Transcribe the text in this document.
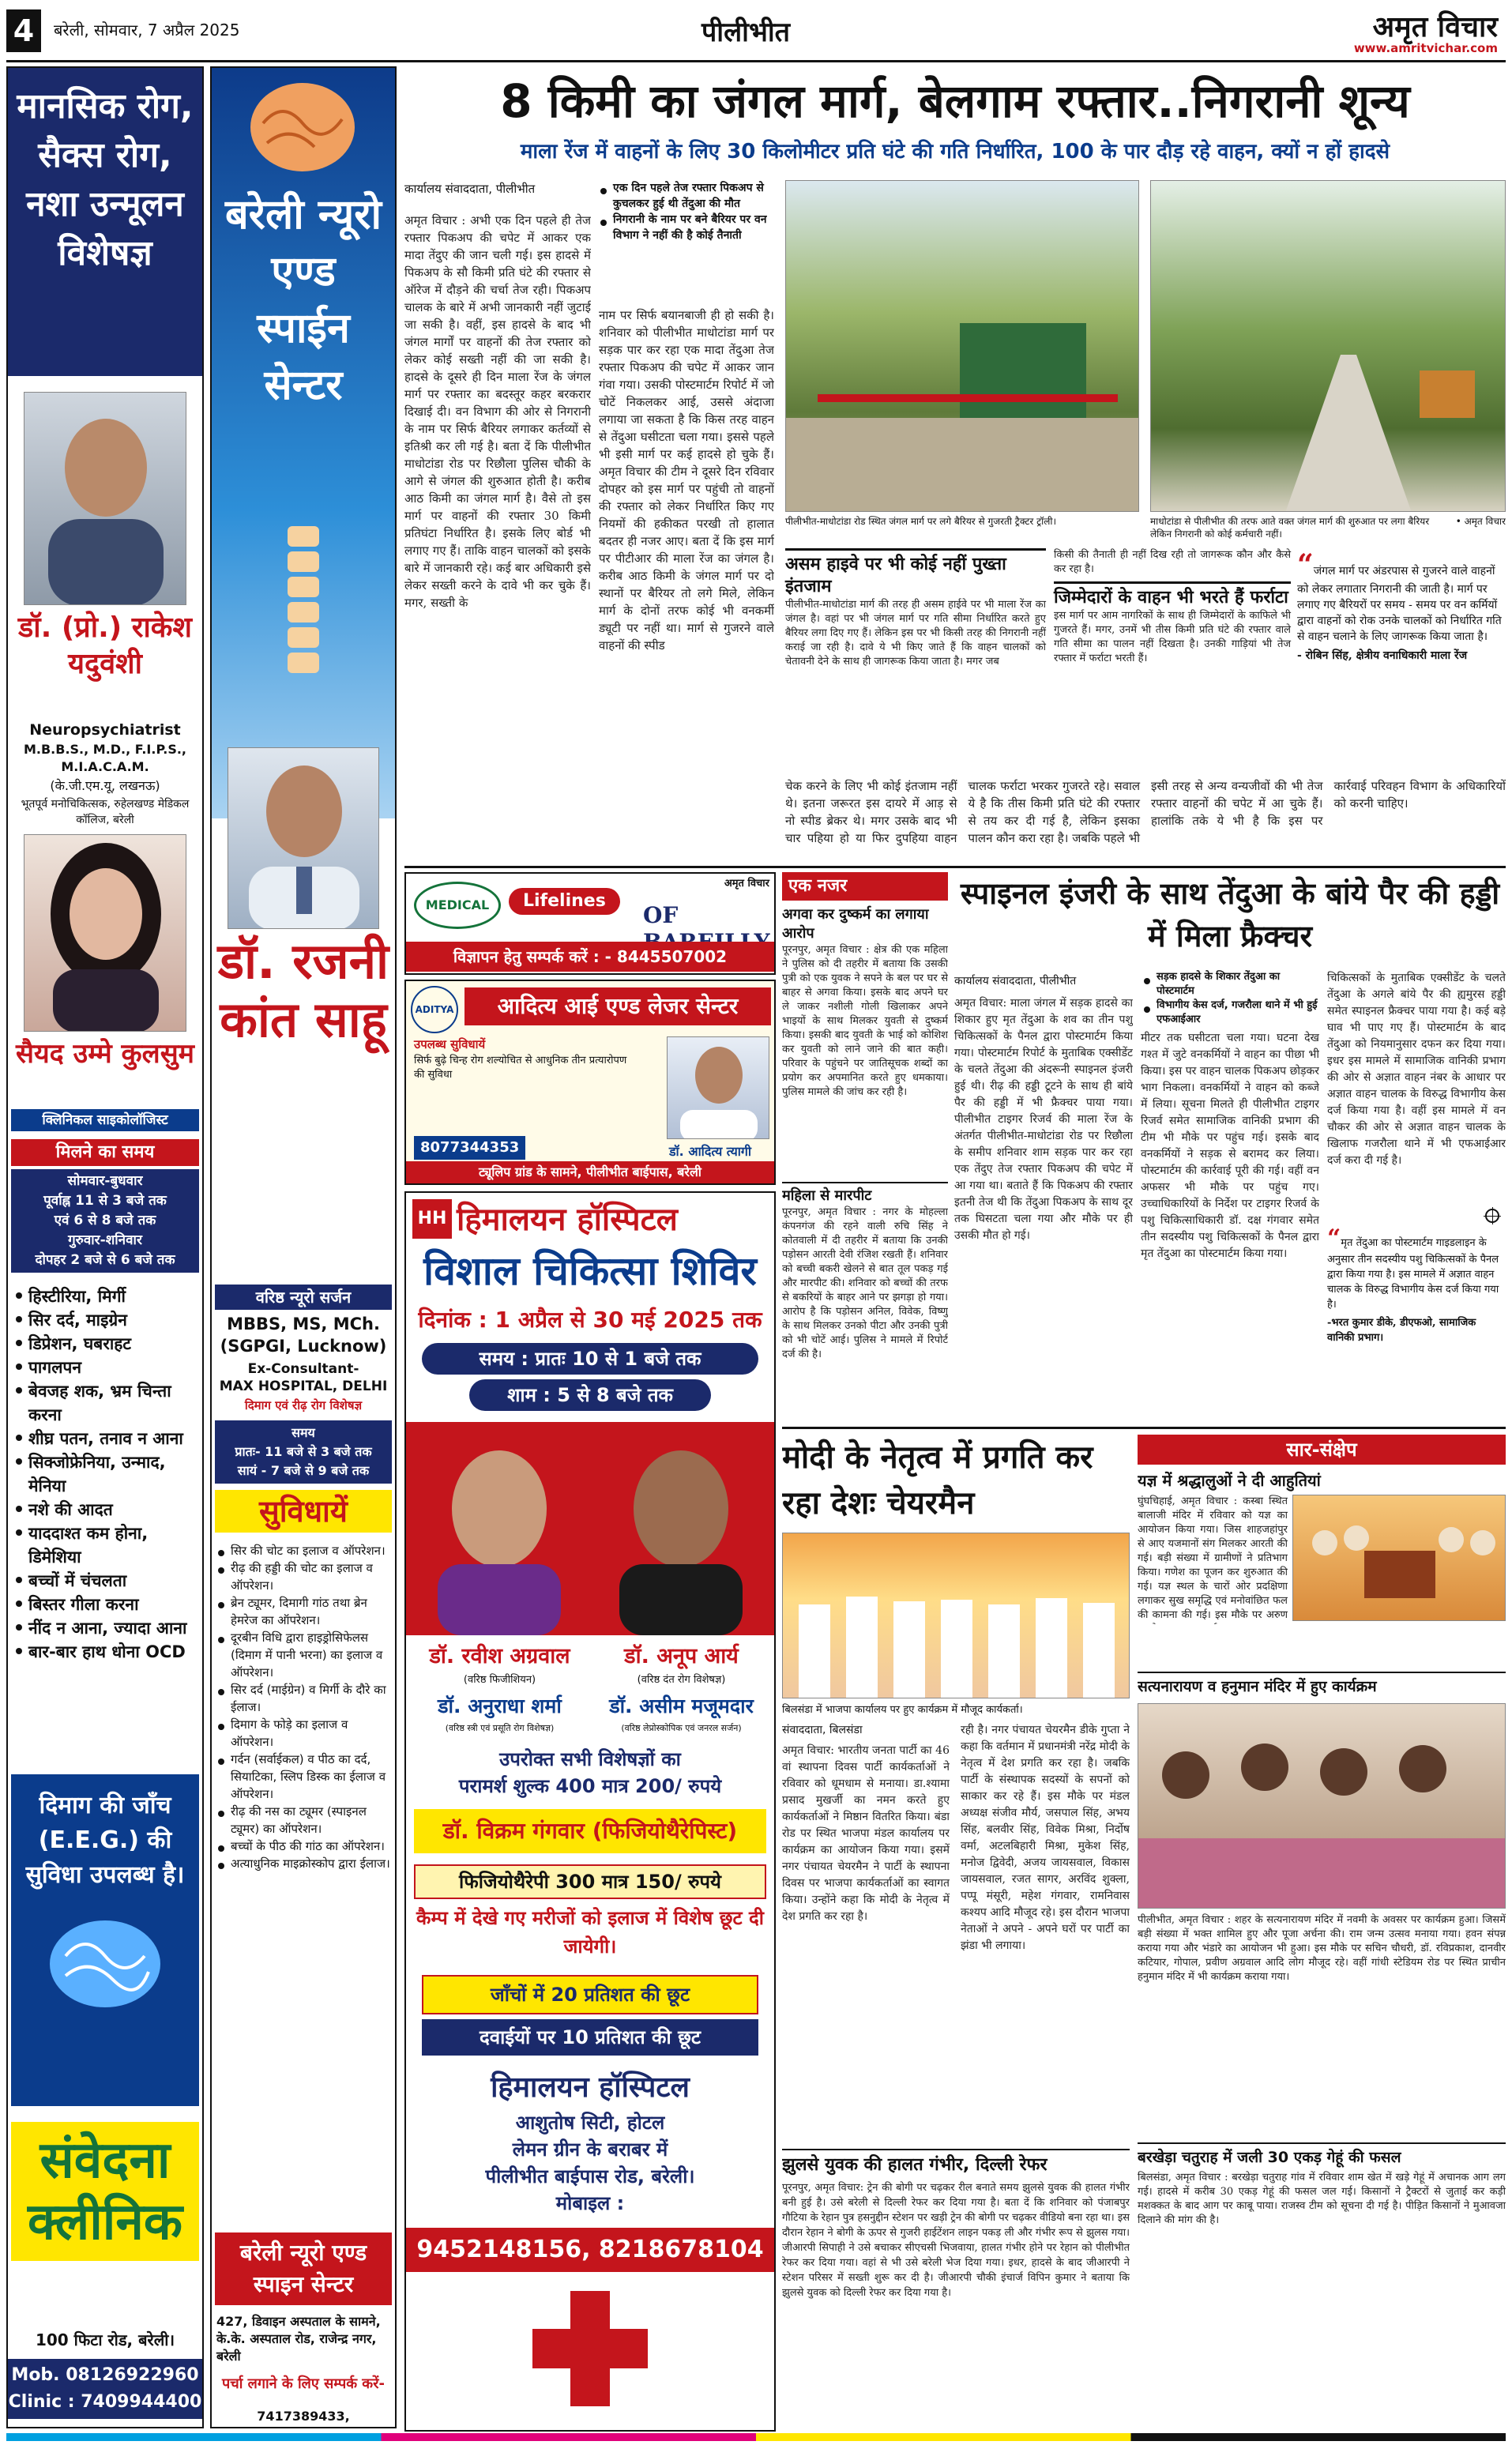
4	बरेली, सोमवार, 7 अप्रैल 2025	पीलीभीत	अमृत विचार
www.amritvichar.com
मानसिक रोग, सैक्स रोग, नशा उन्मूलन विशेषज्ञ
डॉ. (प्रो.) राकेश यदुवंशी
Neuropsychiatrist
M.B.B.S., M.D., F.I.P.S., M.I.A.C.A.M.
(के.जी.एम.यू, लखनऊ)
भूतपूर्व मनोचिकित्सक, रुहेलखण्ड मेडिकल कॉलिज, बरेली
सैयद उम्मे कुलसुम
क्लिनिकल साइकोलॉजिस्ट
मिलने का समय
सोमवार-बुधवार
पूर्वाह्न 11 से 3 बजे तक
एवं 6 से 8 बजे तक
गुरुवार-शनिवार
दोपहर 2 बजे से 6 बजे तक
हिस्टीरिया, मिर्गी
सिर दर्द, माइग्रेन
डिप्रेशन, घबराहट
पागलपन
बेवजह शक, भ्रम चिन्ता करना
शीघ्र पतन, तनाव न आना
सिक्जोफ्रेनिया, उन्माद, मेनिया
नशे की आदत
याददाश्त कम होना, डिमेशिया
बच्चों में चंचलता
बिस्तर गीला करना
नींद न आना, ज्यादा आना
बार-बार हाथ धोना OCD
दिमाग की जाँच (E.E.G.) की सुविधा उपलब्ध है।
संवेदना क्लीनिक
100 फिटा रोड, बरेली।
Mob. 08126922960
Clinic : 7409944400
बरेली न्यूरो एण्ड स्पाईन सेन्टर
डॉ. रजनी कांत साहू
वरिष्ठ न्यूरो सर्जन
MBBS, MS, MCh. (SGPGI, Lucknow)
Ex-Consultant-
MAX HOSPITAL, DELHI
दिमाग एवं रीढ़ रोग विशेषज्ञ
समय
प्रातः- 11 बजे से 3 बजे तक
सायं - 7 बजे से 9 बजे तक
सुविधायें
सिर की चोट का इलाज व ऑपरेशन।
रीढ़ की हड्डी की चोट का इलाज व ऑपरेशन।
ब्रेन ट्यूमर, दिमागी गांठ तथा ब्रेन हेमरेज का ऑपरेशन।
दूरबीन विधि द्वारा हाइड्रोसिफेलस (दिमाग में पानी भरना) का इलाज व ऑपरेशन।
सिर दर्द (माईग्रेन) व मिर्गी के दौरे का ईलाज।
दिमाग के फोड़े का इलाज व ऑपरेशन।
गर्दन (सर्वाईकल) व पीठ का दर्द, सियाटिका, स्लिप डिस्क का ईलाज व ऑपरेशन।
रीढ़ की नस का ट्यूमर (स्पाइनल ट्यूमर) का ऑपरेशन।
बच्चों के पीठ की गांठ का ऑपरेशन।
अत्याधुनिक माइक्रोस्कोप द्वारा ईलाज।
बरेली न्यूरो एण्ड स्पाइन सेन्टर
427, डिवाइन अस्पताल के सामने, के.के. अस्पताल रोड, राजेन्द्र नगर, बरेली
पर्चा लगाने के लिए सम्पर्क करें-
7417389433,
8 किमी का जंगल मार्ग, बेलगाम रफ्तार..निगरानी शून्य
माला रेंज में वाहनों के लिए 30 किलोमीटर प्रति घंटे की गति निर्धारित, 100 के पार दौड़ रहे वाहन, क्यों न हों हादसे
कार्यालय संवाददाता, पीलीभीत	एक दिन पहले तेज रफ्तार पिकअप से कुचलकर हुई थी तेंदुआ की मौत
निगरानी के नाम पर बने बैरियर पर वन विभाग ने नहीं की है कोई तैनाती
अमृत विचार : अभी एक दिन पहले ही तेज रफ्तार पिकअप की चपेट में आकर एक मादा तेंदुए की जान चली गई। इस हादसे में पिकअप के सौ किमी प्रति घंटे की रफ्तार से ऑरेज में दौड़ने की चर्चा तेज रही। पिकअप चालक के बारे में अभी जानकारी नहीं जुटाई जा सकी है। वहीं, इस हादसे के बाद भी जंगल मार्गों पर वाहनों की तेज रफ्तार को लेकर कोई सख्ती नहीं की जा सकी है। हादसे के दूसरे ही दिन माला रेंज के जंगल मार्ग पर रफ्तार का बदस्तूर कहर बरकरार दिखाई दी। वन विभाग की ओर से निगरानी के नाम पर सिर्फ बैरियर लगाकर कर्तव्यों से इतिश्री कर ली गई है। बता दें कि पीलीभीत माधोटांडा रोड पर रिछौला पुलिस चौकी के आगे से जंगल की शुरुआत होती है। करीब आठ किमी का जंगल मार्ग है। वैसे तो इस मार्ग पर वाहनों की रफ्तार 30 किमी प्रतिघंटा निर्धारित है। इसके लिए बोर्ड भी लगाए गए हैं। ताकि वाहन चालकों को इसके बारे में जानकारी रहे। कई बार अधिकारी इसे लेकर सख्ती करने के दावे भी कर चुके हैं। मगर, सख्ती के
नाम पर सिर्फ बयानबाजी ही हो सकी है। शनिवार को पीलीभीत माधोटांडा मार्ग पर सड़क पार कर रहा एक मादा तेंदुआ तेज रफ्तार पिकअप की चपेट में आकर जान गंवा गया। उसकी पोस्टमार्टम रिपोर्ट में जो चोटें निकलकर आई, उससे अंदाजा लगाया जा सकता है कि किस तरह वाहन से तेंदुआ घसीटता चला गया। इससे पहले भी इसी मार्ग पर कई हादसे हो चुके हैं। अमृत विचार की टीम ने दूसरे दिन रविवार दोपहर को इस मार्ग पर पहुंची तो वाहनों की रफ्तार को लेकर निर्धारित किए गए नियमों की हकीकत परखी तो हालात बदतर ही नजर आए। बता दें कि इस मार्ग पर पीटीआर की माला रेंज का जंगल है। करीब आठ किमी के जंगल मार्ग पर दो स्थानों पर बैरियर तो लगे मिले, लेकिन मार्ग के दोनों तरफ कोई भी वनकर्मी ड्यूटी पर नहीं था। मार्ग से गुजरने वाले वाहनों की स्पीड
पीलीभीत-माधोटांडा रोड स्थित जंगल मार्ग पर लगे बैरियर से गुजरती ट्रैक्टर ट्रॉली।	माधोटांडा से पीलीभीत की तरफ आते वक्त जंगल मार्ग की शुरुआत पर लगा बैरियर लेकिन निगरानी को कोई कर्मचारी नहीं।
• अमृत विचार
असम हाइवे पर भी कोई नहीं पुख्ता इंतजाम
पीलीभीत-माधोटांडा मार्ग की तरह ही असम हाईवे पर भी माला रेंज का जंगल है। वहां पर भी जंगल मार्ग पर गति सीमा निर्धारित करते हुए बैरियर लगा दिए गए हैं। लेकिन इस पर भी किसी तरह की निगरानी नहीं कराई जा रही है। दावे ये भी किए जाते हैं कि वाहन चालकों को चेतावनी देने के साथ ही जागरूक किया जाता है। मगर जब
किसी की तैनाती ही नहीं दिख रही तो जागरूक कौन और कैसे कर रहा है।
जिम्मेदारों के वाहन भी भरते हैं फर्राटा
इस मार्ग पर आम नागरिकों के साथ ही जिम्मेदारों के काफिले भी गुजरते हैं। मगर, उनमें भी तीस किमी प्रति घंटे की रफ्तार वाले गति सीमा का पालन नहीं दिखता है। उनकी गाड़ियां भी तेज रफ्तार में फर्राटा भरती हैं।
“जंगल मार्ग पर अंडरपास से गुजरने वाले वाहनों को लेकर लगातार निगरानी की जाती है। मार्ग पर लगाए गए बैरियरों पर समय - समय पर वन कर्मियों द्वारा वाहनों को रोक उनके चालकों को निर्धारित गति से वाहन चलाने के लिए जागरूक किया जाता है।
- रोबिन सिंह, क्षेत्रीय वनाधिकारी माला रेंज
चेक करने के लिए भी कोई इंतजाम नहीं थे। इतना जरूरत इस दायरे में आड़ से नो स्पीड ब्रेकर थे। मगर उसके बाद भी चार पहिया हो या फिर दुपहिया वाहन चालक फर्राटा भरकर गुजरते रहे। सवाल ये है कि तीस किमी प्रति घंटे की रफ्तार से तय कर दी गई है, लेकिन इसका पालन कौन करा रहा है। जबकि पहले भी इसी तरह से अन्य वन्यजीवों की भी तेज रफ्तार वाहनों की चपेट में आ चुके हैं। हालांकि तके ये भी है कि इस पर कार्रवाई परिवहन विभाग के अधिकारियों को करनी चाहिए।
MEDICAL	Lifelines
OF
अमृत विचार
विज्ञापन हेतु सम्पर्क करें : - 8445507002
ADITYA	आदित्य आई एण्ड लेजर सेन्टर
उपलब्ध सुविधायें
सिर्फ बुढ़े चिन्ह रोग शल्योचित से आधुनिक तीन प्रत्यारोपण की सुविधा
डॉ. आदित्य त्यागी
8077344353
ट्यूलिप ग्रांड के सामने, पीलीभीत बाईपास, बरेली
HH हिमालयन हॉस्पिटल
विशाल चिकित्सा शिविर
दिनांक : 1 अप्रैल से 30 मई 2025 तक
समय : प्रातः 10 से 1 बजे तक
शाम : 5 से 8 बजे तक
डॉ. रवीश अग्रवाल
(वरिष्ठ फिजीशियन)
डॉ. अनूप आर्य
(वरिष्ठ दंत रोग विशेषज्ञ)
डॉ. अनुराधा शर्मा
(वरिष्ठ स्त्री एवं प्रसूति रोग विशेषज्ञ)
डॉ. असीम मजूमदार
(वरिष्ठ लेप्रोस्कोपिक एवं जनरल सर्जन)
उपरोक्त सभी विशेषज्ञों का
परामर्श शुल्क 400 मात्र 200/ रुपये
डॉ. विक्रम गंगवार (फिजियोथैरेपिस्ट)
फिजियोथैरेपी 300 मात्र 150/ रुपये
कैम्प में देखे गए मरीजों को इलाज में विशेष छूट दी जायेगी।
जाँचों में 20 प्रतिशत की छूट
दवाईयों पर 10 प्रतिशत की छूट
हिमालयन हॉस्पिटल
आशुतोष सिटी, होटल
लेमन ग्रीन के बराबर में
पीलीभीत बाईपास रोड, बरेली।
मोबाइल :
9452148156, 8218678104
एक नजर
अगवा कर दुष्कर्म का लगाया आरोप
पूरनपुर, अमृत विचार : क्षेत्र की एक महिला ने पुलिस को दी तहरीर में बताया कि उसकी पुत्री को एक युवक ने सपने के बल पर घर से बाहर से अगवा किया। इसके बाद अपने घर ले जाकर नशीली गोली खिलाकर अपने भाइयों के साथ मिलकर युवती से दुष्कर्म किया। इसकी बाद युवती के भाई को कोशिश कर युवती को लाने जाने की बात कही। परिवार के पहुंचने पर जातिसूचक शब्दों का प्रयोग कर अपमानित करते हुए धमकाया। पुलिस मामले की जांच कर रही है।
महिला से मारपीट
पूरनपुर, अमृत विचार : नगर के मोहल्ला कंपनगंज की रहने वाली रुचि सिंह ने कोतवाली में दी तहरीर में बताया कि उनकी पड़ोसन आरती देवी रंजिश रखती हैं। शनिवार को बच्ची बकरी खेलने से बात तूल पकड़ गई और मारपीट की। शनिवार को बच्चों की तरफ से बकरियों के बाहर आने पर झगड़ा हो गया। आरोप है कि पड़ोसन अनिल, विवेक, विष्णु के साथ मिलकर उनको पीटा और उनकी पुत्री को भी चोटें आई। पुलिस ने मामले में रिपोर्ट दर्ज की है।
स्पाइनल इंजरी के साथ तेंदुआ के बांये पैर की हड्डी में मिला फ्रैक्चर
कार्यालय संवाददाता, पीलीभीत	सड़क हादसे के शिकार तेंदुआ का पोस्टमार्टम
विभागीय केस दर्ज, गजरौला थाने में भी हुई एफआईआर
अमृत विचार: माला जंगल में सड़क हादसे का शिकार हुए मृत तेंदुआ के शव का तीन पशु चिकित्सकों के पैनल द्वारा पोस्टमार्टम किया गया। पोस्टमार्टम रिपोर्ट के मुताबिक एक्सीडेंट के चलते तेंदुआ की अंदरूनी स्पाइनल इंजरी हुई थी। रीढ़ की हड्डी टूटने के साथ ही बांये पैर की हड्डी में भी फ्रैक्चर पाया गया। पीलीभीत टाइगर रिजर्व की माला रेंज के अंतर्गत पीलीभीत-माधोटांडा रोड पर रिछौला के समीप शनिवार शाम सड़क पार कर रहा एक तेंदुए तेज रफ्तार पिकअप की चपेट में आ गया था। बताते हैं कि पिकअप की रफ्तार इतनी तेज थी कि तेंदुआ पिकअप के साथ दूर तक घिसटता चला गया और मौके पर ही उसकी मौत हो गई।
मीटर तक घसीटता चला गया। घटना देख गश्त में जुटे वनकर्मियों ने वाहन का पीछा भी किया। इस पर वाहन चालक पिकअप छोड़कर भाग निकला। वनकर्मियों ने वाहन को कब्जे में लिया। सूचना मिलते ही पीलीभीत टाइगर रिजर्व समेत सामाजिक वानिकी प्रभाग की टीम भी मौके पर पहुंच गई। इसके बाद वनकर्मियों ने सड़क से बरामद कर लिया। पोस्टमार्टम की कार्रवाई पूरी की गई। वहीं वन अफसर भी मौके पर पहुंच गए। उच्चाधिकारियों के निर्देश पर टाइगर रिजर्व के पशु चिकित्साधिकारी डॉ. दक्ष गंगवार समेत तीन सदस्यीय पशु चिकित्सकों के पैनल द्वारा मृत तेंदुआ का पोस्टमार्टम किया गया।
चिकित्सकों के मुताबिक एक्सीडेंट के चलते तेंदुआ के अगले बांये पैर की ह्यमुरस हड्डी समेत स्पाइनल फ्रैक्चर पाया गया है। कई बड़े घाव भी पाए गए हैं। पोस्टमार्टम के बाद तेंदुआ को नियमानुसार दफन कर दिया गया। इधर इस मामले में सामाजिक वानिकी प्रभाग की ओर से अज्ञात वाहन नंबर के आधार पर अज्ञात वाहन चालक के विरुद्ध विभागीय केस दर्ज किया गया है। वहीं इस मामले में वन चौकर की ओर से अज्ञात वाहन चालक के खिलाफ गजरौला थाने में भी एफआईआर दर्ज करा दी गई है।
“मृत तेंदुआ का पोस्टमार्टम गाइडलाइन के अनुसार तीन सदस्यीय पशु चिकित्सकों के पैनल द्वारा किया गया है। इस मामले में अज्ञात वाहन चालक के विरुद्ध विभागीय केस दर्ज किया गया है।
-भरत कुमार डीके, डीएफओ, सामाजिक वानिकी प्रभाग।
मोदी के नेतृत्व में प्रगति कर रहा देशः चेयरमैन
बिलसंडा में भाजपा कार्यालय पर हुए कार्यक्रम में मौजूद कार्यकर्ता।
संवाददाता, बिलसंडा
अमृत विचार: भारतीय जनता पार्टी का 46 वां स्थापना दिवस पार्टी कार्यकर्ताओं ने रविवार को धूमधाम से मनाया। डा.श्यामा प्रसाद मुखर्जी का नमन करते हुए कार्यकर्ताओं ने मिष्ठान वितरित किया। बंडा रोड पर स्थित भाजपा मंडल कार्यालय पर कार्यक्रम का आयोजन किया गया। इसमें नगर पंचायत चेयरमैन ने पार्टी के स्थापना दिवस पर भाजपा कार्यकर्ताओं का स्वागत किया। उन्होंने कहा कि मोदी के नेतृत्व में देश प्रगति कर रहा है।
रही है। नगर पंचायत चेयरमैन डीके गुप्ता ने कहा कि वर्तमान में प्रधानमंत्री नरेंद्र मोदी के नेतृत्व में देश प्रगति कर रहा है। जबकि पार्टी के संस्थापक सदस्यों के सपनों को साकार कर रहे हैं। इस मौके पर मंडल अध्यक्ष संजीव मौर्य, जसपाल सिंह, अभय सिंह, बलवीर सिंह, विवेक मिश्रा, निर्दोष वर्मा, अटलबिहारी मिश्रा, मुकेश सिंह, मनोज द्विवेदी, अजय जायसवाल, विकास जायसवाल, रजत सागर, अरविंद शुक्ला, पप्पू मंसूरी, महेश गंगवार, रामनिवास कश्यप आदि मौजूद रहे। इस दौरान भाजपा नेताओं ने अपने - अपने घरों पर पार्टी का झंडा भी लगाया।
झुलसे युवक की हालत गंभीर, दिल्ली रेफर
पूरनपुर, अमृत विचार: ट्रेन की बोगी पर चढ़कर रील बनाते समय झुलसे युवक की हालत गंभीर बनी हुई है। उसे बरेली से दिल्ली रेफर कर दिया गया है। बता दें कि शनिवार को पंजाबपुर गौटिया के रेहान पुत्र हसनुद्दीन स्टेशन पर खड़ी ट्रेन की बोगी पर चढ़कर वीडियो बना रहा था। इस दौरान रेहान ने बोगी के ऊपर से गुजरी हाईटेंशन लाइन पकड़ ली और गंभीर रूप से झुलस गया। जीआरपी सिपाही ने उसे बचाकर सीएचसी भिजवाया, हालत गंभीर होने पर रेहान को पीलीभीत रेफर कर दिया गया। वहां से भी उसे बरेली भेज दिया गया। इधर, हादसे के बाद जीआरपी ने स्टेशन परिसर में सख्ती शुरू कर दी है। जीआरपी चौकी इंचार्ज विपिन कुमार ने बताया कि झुलसे युवक को दिल्ली रेफर कर दिया गया है।
सार-संक्षेप
यज्ञ में श्रद्धालुओं ने दी आहुतियां
घुंघचिहाई, अमृत विचार : कस्बा स्थित बालाजी मंदिर में रविवार को यज्ञ का आयोजन किया गया। जिस शाहजहांपुर से आए यजमानों संग मिलकर आरती की गई। बड़ी संख्या में ग्रामीणों ने प्रतिभाग किया। गणेश का पूजन कर शुरुआत की गई। यज्ञ स्थल के चारों ओर प्रदक्षिणा लगाकर सुख समृद्धि एवं मनोवांछित फल की कामना की गई। इस मौके पर अरुण
सत्यनारायण व हनुमान मंदिर में हुए कार्यक्रम
पीलीभीत, अमृत विचार : शहर के सत्यनारायण मंदिर में नवमी के अवसर पर कार्यक्रम हुआ। जिसमें बड़ी संख्या में भक्त शामिल हुए और पूजा अर्चना की। राम जन्म उत्सव मनाया गया। हवन संपन्न कराया गया और भंडारे का आयोजन भी हुआ। इस मौके पर सचिन चौधरी, डॉ. रविप्रकाश, दानवीर कटियार, गोपाल, प्रवीण अग्रवाल आदि लोग मौजूद रहे। वहीं गांधी स्टेडियम रोड पर स्थित प्राचीन हनुमान मंदिर में भी कार्यक्रम कराया गया।
बरखेड़ा चतुराह में जली 30 एकड़ गेहूं की फसल
बिलसंडा, अमृत विचार : बरखेड़ा चतुराह गांव में रविवार शाम खेत में खड़े गेहूं में अचानक आग लग गई। हादसे में करीब 30 एकड़ गेहूं की फसल जल गई। किसानों ने ट्रैक्टरों से जुताई कर कड़ी मशक्कत के बाद आग पर काबू पाया। राजस्व टीम को सूचना दी गई है। पीड़ित किसानों ने मुआवजा दिलाने की मांग की है।
